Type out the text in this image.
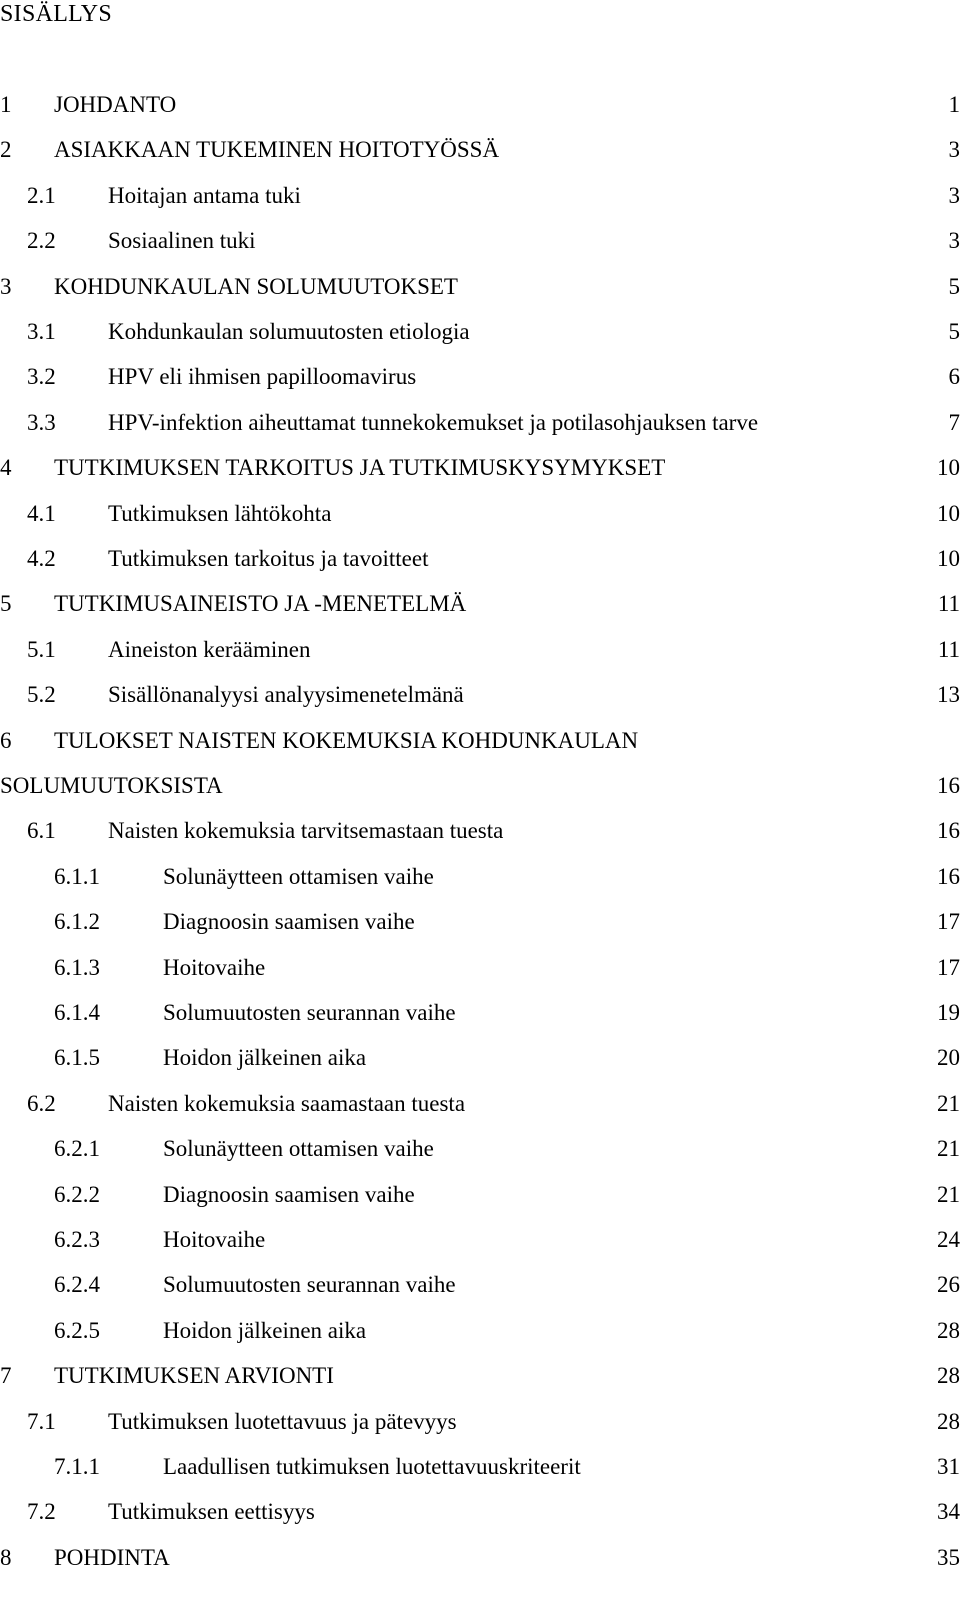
SISÄLLYS
1 JOHDANTO	1
2 ASIAKKAAN TUKEMINEN HOITOTYÖSSÄ	3
2.1 Hoitajan antama tuki	3
2.2 Sosiaalinen tuki	3
3 KOHDUNKAULAN SOLUMUUTOKSET	5
3.1 Kohdunkaulan solumuutosten etiologia	5
3.2 HPV eli ihmisen papilloomavirus	6
3.3 HPV-infektion aiheuttamat tunnekokemukset ja potilasohjauksen tarve	7
4 TUTKIMUKSEN TARKOITUS JA TUTKIMUSKYSYMYKSET	10
4.1 Tutkimuksen lähtökohta	10
4.2 Tutkimuksen tarkoitus ja tavoitteet	10
5 TUTKIMUSAINEISTO JA -MENETELMÄ	11
5.1 Aineiston kerääminen	11
5.2 Sisällönanalyysi analyysimenetelmänä	13
6 TULOKSET NAISTEN KOKEMUKSIA KOHDUNKAULAN
SOLUMUUTOKSISTA	16
6.1 Naisten kokemuksia tarvitsemastaan tuesta	16
6.1.1	Solunäytteen ottamisen vaihe	16
6.1.2	Diagnoosin saamisen vaihe	17
6.1.3	Hoitovaihe	17
6.1.4	Solumuutosten seurannan vaihe	19
6.1.5	Hoidon jälkeinen aika	20
6.2 Naisten kokemuksia saamastaan tuesta	21
6.2.1	Solunäytteen ottamisen vaihe	21
6.2.2	Diagnoosin saamisen vaihe	21
6.2.3	Hoitovaihe	24
6.2.4	Solumuutosten seurannan vaihe	26
6.2.5	Hoidon jälkeinen aika	28
7 TUTKIMUKSEN ARVIONTI	28
7.1 Tutkimuksen luotettavuus ja pätevyys	28
7.1.1	Laadullisen tutkimuksen luotettavuuskriteerit	31
7.2 Tutkimuksen eettisyys	34
8 POHDINTA	35
